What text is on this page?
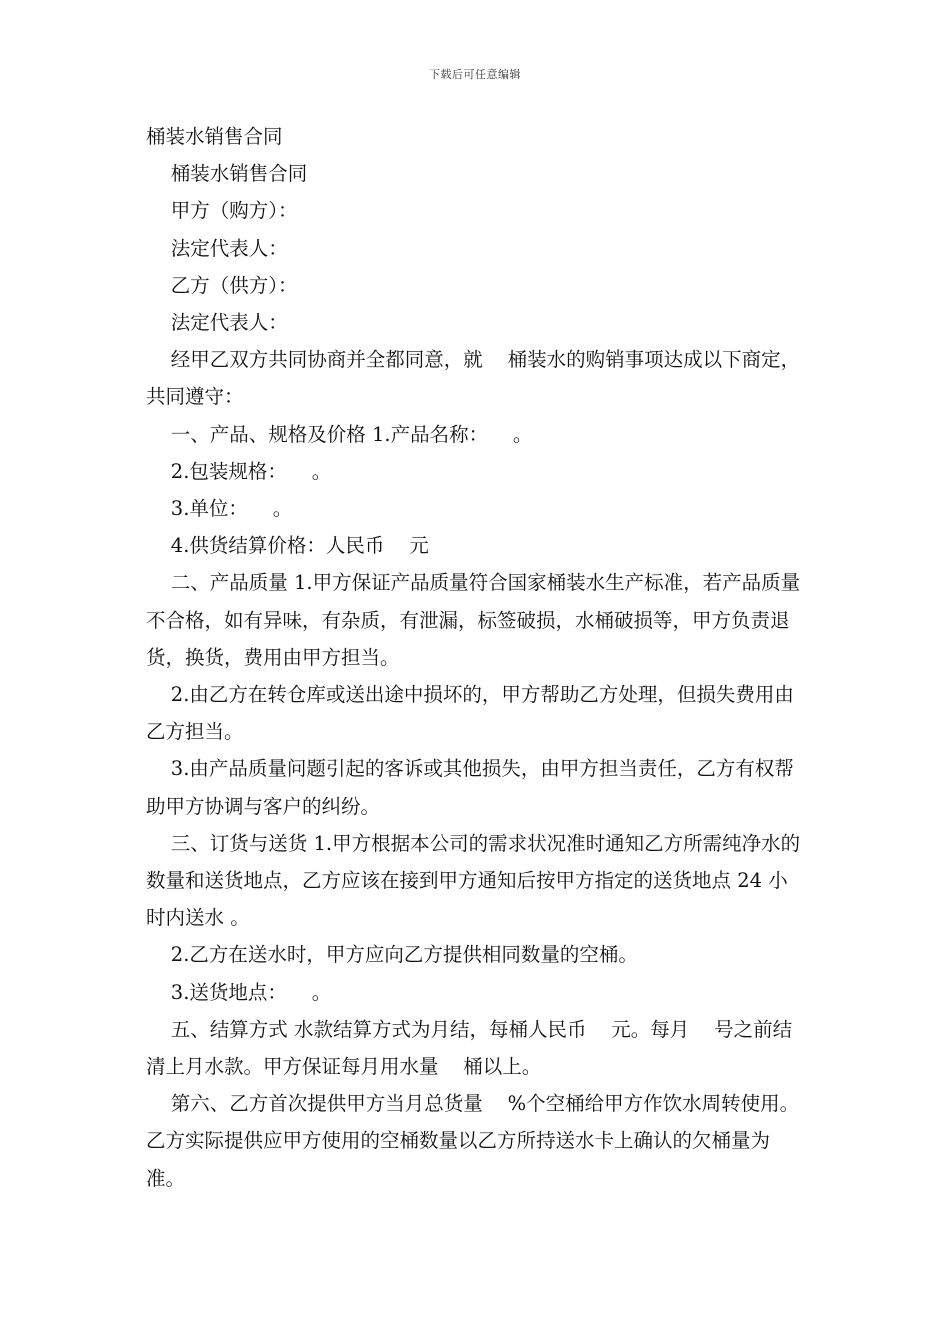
下载后可任意编辑

桶装水销售合同

桶装水销售合同

甲方（购方）：

法定代表人：

乙方（供方）：

法定代表人：

经甲乙双方共同协商并全都同意，就    桶装水的购销事项达成以下商定，共同遵守：

一、产品、规格及价格 1.产品名称：    。

2.包装规格：    。

3.单位：    。

4.供货结算价格：人民币    元

二、产品质量 1.甲方保证产品质量符合国家桶装水生产标准，若产品质量不合格，如有异味，有杂质，有泄漏，标签破损，水桶破损等，甲方负责退货，换货，费用由甲方担当。

2.由乙方在转仓库或送出途中损坏的，甲方帮助乙方处理，但损失费用由乙方担当。

3.由产品质量问题引起的客诉或其他损失，由甲方担当责任，乙方有权帮助甲方协调与客户的纠纷。

三、订货与送货 1.甲方根据本公司的需求状况准时通知乙方所需纯净水的数量和送货地点，乙方应该在接到甲方通知后按甲方指定的送货地点 24 小时内送水 。

2.乙方在送水时，甲方应向乙方提供相同数量的空桶。

3.送货地点：    。

五、结算方式 水款结算方式为月结，每桶人民币    元。每月    号之前结清上月水款。甲方保证每月用水量    桶以上。

第六、乙方首次提供甲方当月总货量    %个空桶给甲方作饮水周转使用。乙方实际提供应甲方使用的空桶数量以乙方所持送水卡上确认的欠桶量为准。
